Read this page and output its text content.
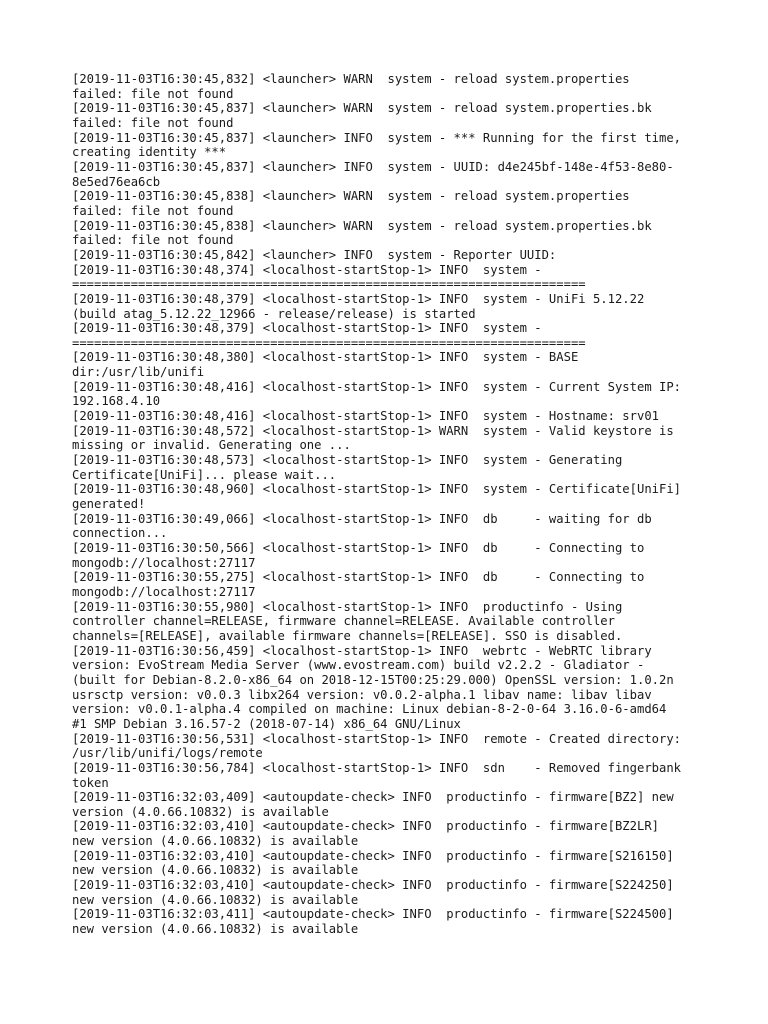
[2019-11-03T16:30:45,832] <launcher> WARN  system - reload system.properties
failed: file not found
[2019-11-03T16:30:45,837] <launcher> WARN  system - reload system.properties.bk
failed: file not found
[2019-11-03T16:30:45,837] <launcher> INFO  system - *** Running for the first time,
creating identity ***
[2019-11-03T16:30:45,837] <launcher> INFO  system - UUID: d4e245bf-148e-4f53-8e80-
8e5ed76ea6cb
[2019-11-03T16:30:45,838] <launcher> WARN  system - reload system.properties
failed: file not found
[2019-11-03T16:30:45,838] <launcher> WARN  system - reload system.properties.bk
failed: file not found
[2019-11-03T16:30:45,842] <launcher> INFO  system - Reporter UUID:
[2019-11-03T16:30:48,374] <localhost-startStop-1> INFO  system -
======================================================================
[2019-11-03T16:30:48,379] <localhost-startStop-1> INFO  system - UniFi 5.12.22
(build atag_5.12.22_12966 - release/release) is started
[2019-11-03T16:30:48,379] <localhost-startStop-1> INFO  system -
======================================================================
[2019-11-03T16:30:48,380] <localhost-startStop-1> INFO  system - BASE
dir:/usr/lib/unifi
[2019-11-03T16:30:48,416] <localhost-startStop-1> INFO  system - Current System IP:
192.168.4.10
[2019-11-03T16:30:48,416] <localhost-startStop-1> INFO  system - Hostname: srv01
[2019-11-03T16:30:48,572] <localhost-startStop-1> WARN  system - Valid keystore is
missing or invalid. Generating one ...
[2019-11-03T16:30:48,573] <localhost-startStop-1> INFO  system - Generating
Certificate[UniFi]... please wait...
[2019-11-03T16:30:48,960] <localhost-startStop-1> INFO  system - Certificate[UniFi]
generated!
[2019-11-03T16:30:49,066] <localhost-startStop-1> INFO  db     - waiting for db
connection...
[2019-11-03T16:30:50,566] <localhost-startStop-1> INFO  db     - Connecting to
mongodb://localhost:27117
[2019-11-03T16:30:55,275] <localhost-startStop-1> INFO  db     - Connecting to
mongodb://localhost:27117
[2019-11-03T16:30:55,980] <localhost-startStop-1> INFO  productinfo - Using
controller channel=RELEASE, firmware channel=RELEASE. Available controller
channels=[RELEASE], available firmware channels=[RELEASE]. SSO is disabled.
[2019-11-03T16:30:56,459] <localhost-startStop-1> INFO  webrtc - WebRTC library
version: EvoStream Media Server (www.evostream.com) build v2.2.2 - Gladiator -
(built for Debian-8.2.0-x86_64 on 2018-12-15T00:25:29.000) OpenSSL version: 1.0.2n
usrsctp version: v0.0.3 libx264 version: v0.0.2-alpha.1 libav name: libav libav
version: v0.0.1-alpha.4 compiled on machine: Linux debian-8-2-0-64 3.16.0-6-amd64
#1 SMP Debian 3.16.57-2 (2018-07-14) x86_64 GNU/Linux
[2019-11-03T16:30:56,531] <localhost-startStop-1> INFO  remote - Created directory:
/usr/lib/unifi/logs/remote
[2019-11-03T16:30:56,784] <localhost-startStop-1> INFO  sdn    - Removed fingerbank
token
[2019-11-03T16:32:03,409] <autoupdate-check> INFO  productinfo - firmware[BZ2] new
version (4.0.66.10832) is available
[2019-11-03T16:32:03,410] <autoupdate-check> INFO  productinfo - firmware[BZ2LR]
new version (4.0.66.10832) is available
[2019-11-03T16:32:03,410] <autoupdate-check> INFO  productinfo - firmware[S216150]
new version (4.0.66.10832) is available
[2019-11-03T16:32:03,410] <autoupdate-check> INFO  productinfo - firmware[S224250]
new version (4.0.66.10832) is available
[2019-11-03T16:32:03,411] <autoupdate-check> INFO  productinfo - firmware[S224500]
new version (4.0.66.10832) is available
